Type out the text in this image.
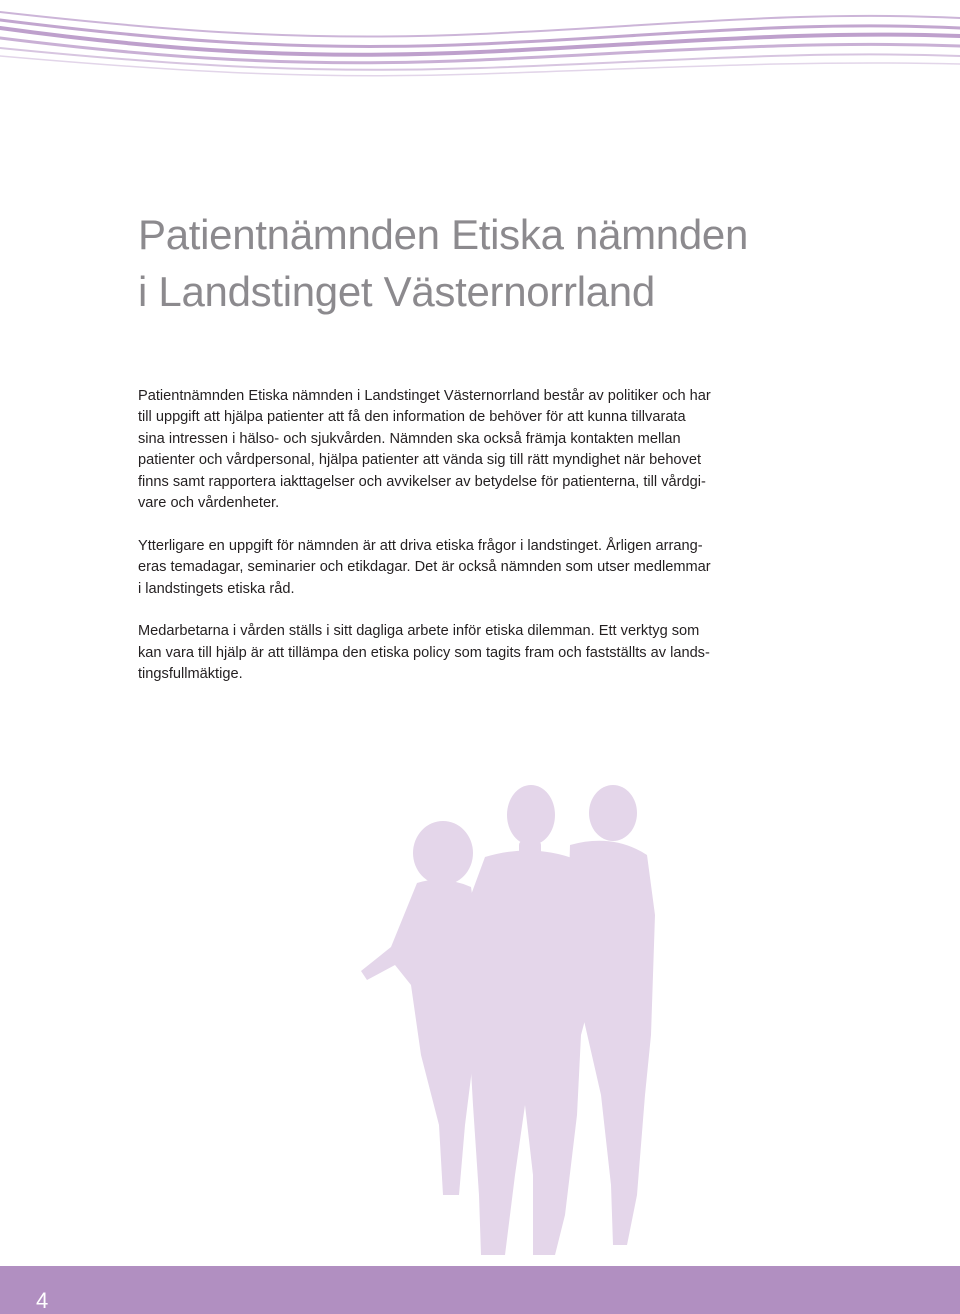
Patientnämnden Etiska nämnden
i Landstinget Västernorrland

Patientnämnden Etiska nämnden i Landstinget Västernorrland består av politiker och har
till uppgift att hjälpa patienter att få den information de behöver för att kunna tillvarata
sina intressen i hälso- och sjukvården. Nämnden ska också främja kontakten mellan
patienter och vårdpersonal, hjälpa patienter att vända sig till rätt myndighet när behovet
finns samt rapportera iakttagelser och avvikelser av betydelse för patienterna, till vårdgi-
vare och vårdenheter.

Ytterligare en uppgift för nämnden är att driva etiska frågor i landstinget. Årligen arrang-
eras temadagar, seminarier och etikdagar. Det är också nämnden som utser medlemmar
i landstingets etiska råd.

Medarbetarna i vården ställs i sitt dagliga arbete inför etiska dilemman. Ett verktyg som
kan vara till hjälp är att tillämpa den etiska policy som tagits fram och fastställts av lands-
tingsfullmäktige.

4
